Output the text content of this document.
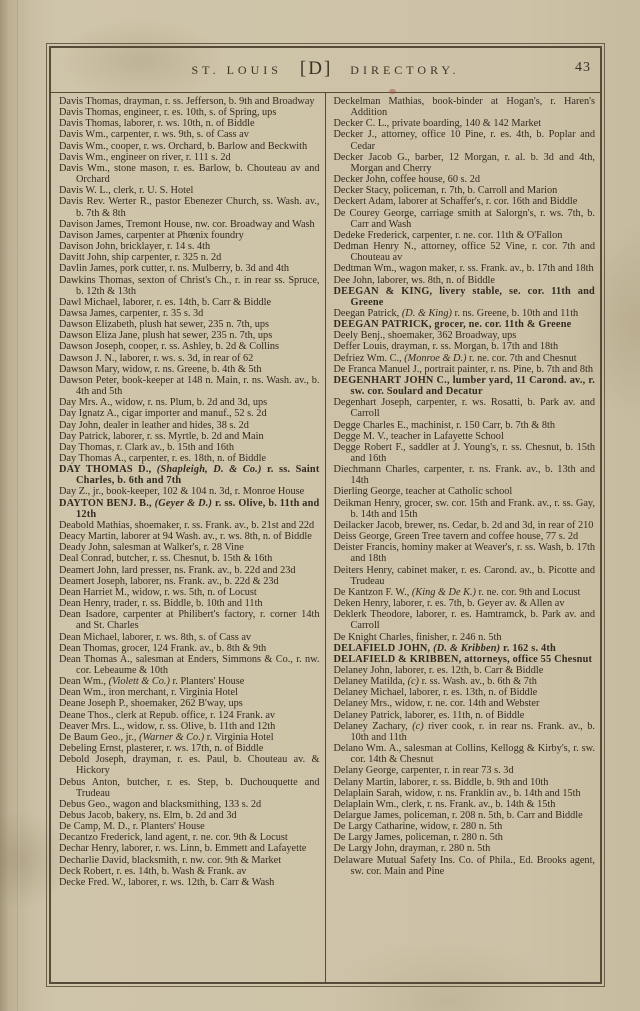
ST. LOUIS [D] DIRECTORY.	43
Davis Thomas, drayman, r. ss. Jefferson, b. 9th and Broadway
Davis Thomas, engineer, r. es. 10th, s. of Spring, ups
Davis Thomas, laborer, r. ws. 10th, n. of Biddle
Davis Wm., carpenter, r. ws. 9th, s. of Cass av
Davis Wm., cooper, r. ws. Orchard, b. Barlow and Beckwith
Davis Wm., engineer on river, r. 111 s. 2d
Davis Wm., stone mason, r. es. Barlow, b. Chouteau av and Orchard
Davis W. L., clerk, r. U. S. Hotel
Davis Rev. Werter R., pastor Ebenezer Church, ss. Wash. av., b. 7th & 8th
Davison James, Tremont House, nw. cor. Broadway and Wash
Davison James, carpenter at Phœnix foundry
Davison John, bricklayer, r. 14 s. 4th
Davitt John, ship carpenter, r. 325 n. 2d
Davlin James, pork cutter, r. ns. Mulberry, b. 3d and 4th
Dawkins Thomas, sexton of Christ's Ch., r. in rear ss. Spruce, b. 12th & 13th
Dawl Michael, laborer, r. es. 14th, b. Carr & Biddle
Dawsa James, carpenter, r. 35 s. 3d
Dawson Elizabeth, plush hat sewer, 235 n. 7th, ups
Dawson Eliza Jane, plush hat sewer, 235 n. 7th, ups
Dawson Joseph, cooper, r. ss. Ashley, b. 2d & Collins
Dawson J. N., laborer, r. ws. s. 3d, in rear of 62
Dawson Mary, widow, r. ns. Greene, b. 4th & 5th
Dawson Peter, book-keeper at 148 n. Main, r. ns. Wash. av., b. 4th and 5th
Day Mrs. A., widow, r. ns. Plum, b. 2d and 3d, ups
Day Ignatz A., cigar importer and manuf., 52 s. 2d
Day John, dealer in leather and hides, 38 s. 2d
Day Patrick, laborer, r. ss. Myrtle, b. 2d and Main
Day Thomas, r. Clark av., b. 15th and 16th
Day Thomas A., carpenter, r. es. 18th, n. of Biddle
DAY THOMAS D., (Shapleigh, D. & Co.) r. ss. Saint Charles, b. 6th and 7th
Day Z., jr., book-keeper, 102 & 104 n. 3d, r. Monroe House
DAYTON BENJ. B., (Geyer & D.) r. ss. Olive, b. 11th and 12th
Deabold Mathias, shoemaker, r. ss. Frank. av., b. 21st and 22d
Deacy Martin, laborer at 94 Wash. av., r. ws. 8th, n. of Biddle
Deady John, salesman at Walker's, r. 28 Vine
Deal Conrad, butcher, r. ss. Chesnut, b. 15th & 16th
Deamert John, lard presser, ns. Frank. av., b. 22d and 23d
Deamert Joseph, laborer, ns. Frank. av., b. 22d & 23d
Dean Harriet M., widow, r. ws. 5th, n. of Locust
Dean Henry, trader, r. ss. Biddle, b. 10th and 11th
Dean Isadore, carpenter at Philibert's factory, r. corner 14th and St. Charles
Dean Michael, laborer, r. ws. 8th, s. of Cass av
Dean Thomas, grocer, 124 Frank. av., b. 8th & 9th
Dean Thomas A., salesman at Enders, Simmons & Co., r. nw. cor. Lebeaume & 10th
Dean Wm., (Violett & Co.) r. Planters' House
Dean Wm., iron merchant, r. Virginia Hotel
Deane Joseph P., shoemaker, 262 B'way, ups
Deane Thos., clerk at Repub. office, r. 124 Frank. av
Deaver Mrs. L., widow, r. ss. Olive, b. 11th and 12th
De Baum Geo., jr., (Warner & Co.) r. Virginia Hotel
Debeling Ernst, plasterer, r. ws. 17th, n. of Biddle
Debold Joseph, drayman, r. es. Paul, b. Chouteau av. & Hickory
Debus Anton, butcher, r. es. Step, b. Duchouquette and Trudeau
Debus Geo., wagon and blacksmithing, 133 s. 2d
Debus Jacob, bakery, ns. Elm, b. 2d and 3d
De Camp, M. D., r. Planters' House
Decantzo Frederick, land agent, r. ne. cor. 9th & Locust
Dechar Henry, laborer, r. ws. Linn, b. Emmett and Lafayette
Decharlie David, blacksmith, r. nw. cor. 9th & Market
Deck Robert, r. es. 14th, b. Wash & Frank. av
Decke Fred. W., laborer, r. ws. 12th, b. Carr & Wash
Deckelman Mathias, book-binder at Hogan's, r. Haren's Addition
Decker C. L., private boarding, 140 & 142 Market
Decker J., attorney, office 10 Pine, r. es. 4th, b. Poplar and Cedar
Decker Jacob G., barber, 12 Morgan, r. al. b. 3d and 4th, Morgan and Cherry
Decker John, coffee house, 60 s. 2d
Decker Stacy, policeman, r. 7th, b. Carroll and Marion
Deckert Adam, laborer at Schaffer's, r. cor. 16th and Biddle
De Courey George, carriage smith at Salorgn's, r. ws. 7th, b. Carr and Wash
Dedeke Frederick, carpenter, r. ne. cor. 11th & O'Fallon
Dedman Henry N., attorney, office 52 Vine, r. cor. 7th and Chouteau av
Dedtman Wm., wagon maker, r. ss. Frank. av., b. 17th and 18th
Dee John, laborer, ws. 8th, n. of Biddle
DEEGAN & KING, livery stable, se. cor. 11th and Greene
Deegan Patrick, (D. & King) r. ns. Greene, b. 10th and 11th
DEEGAN PATRICK, grocer, ne. cor. 11th & Greene
Deely Benj., shoemaker, 362 Broadway, ups
Deffer Louis, drayman, r. ss. Morgan, b. 17th and 18th
Defriez Wm. C., (Monroe & D.) r. ne. cor. 7th and Chesnut
De Franca Manuel J., portrait painter, r. ns. Pine, b. 7th and 8th
DEGENHART JOHN C., lumber yard, 11 Carond. av., r. sw. cor. Soulard and Decatur
Degenhart Joseph, carpenter, r. ws. Rosatti, b. Park av. and Carroll
Degge Charles E., machinist, r. 150 Carr, b. 7th & 8th
Degge M. V., teacher in Lafayette School
Degge Robert F., saddler at J. Young's, r. ss. Chesnut, b. 15th and 16th
Diechmann Charles, carpenter, r. ns. Frank. av., b. 13th and 14th
Dierling George, teacher at Catholic school
Deikman Henry, grocer, sw. cor. 15th and Frank. av., r. ss. Gay, b. 14th and 15th
Deilacker Jacob, brewer, ns. Cedar, b. 2d and 3d, in rear of 210
Deiss George, Green Tree tavern and coffee house, 77 s. 2d
Deister Francis, hominy maker at Weaver's, r. ss. Wash, b. 17th and 18th
Deiters Henry, cabinet maker, r. es. Carond. av., b. Picotte and Trudeau
De Kantzon F. W., (King & De K.) r. ne. cor. 9th and Locust
Deken Henry, laborer, r. es. 7th, b. Geyer av. & Allen av
Deklerk Theodore, laborer, r. es. Hamtramck, b. Park av. and Carroll
De Knight Charles, finisher, r. 246 n. 5th
DELAFIELD JOHN, (D. & Kribben) r. 162 s. 4th
DELAFIELD & KRIBBEN, attorneys, office 55 Chesnut
Delaney John, laborer, r. es. 12th, b. Carr & Biddle
Delaney Matilda, (c) r. ss. Wash. av., b. 6th & 7th
Delaney Michael, laborer, r. es. 13th, n. of Biddle
Delaney Mrs., widow, r. ne. cor. 14th and Webster
Delaney Patrick, laborer, es. 11th, n. of Biddle
Delaney Zachary, (c) river cook, r. in rear ns. Frank. av., b. 10th and 11th
Delano Wm. A., salesman at Collins, Kellogg & Kirby's, r. sw. cor. 14th & Chesnut
Delany George, carpenter, r. in rear 73 s. 3d
Delany Martin, laborer, r. ss. Biddle, b. 9th and 10th
Delaplain Sarah, widow, r. ns. Franklin av., b. 14th and 15th
Delaplain Wm., clerk, r. ns. Frank. av., b. 14th & 15th
Delargue James, policeman, r. 208 n. 5th, b. Carr and Biddle
De Largy Catharine, widow, r. 280 n. 5th
De Largy James, policeman, r. 280 n. 5th
De Largy John, drayman, r. 280 n. 5th
Delaware Mutual Safety Ins. Co. of Phila., Ed. Brooks agent, sw. cor. Main and Pine
